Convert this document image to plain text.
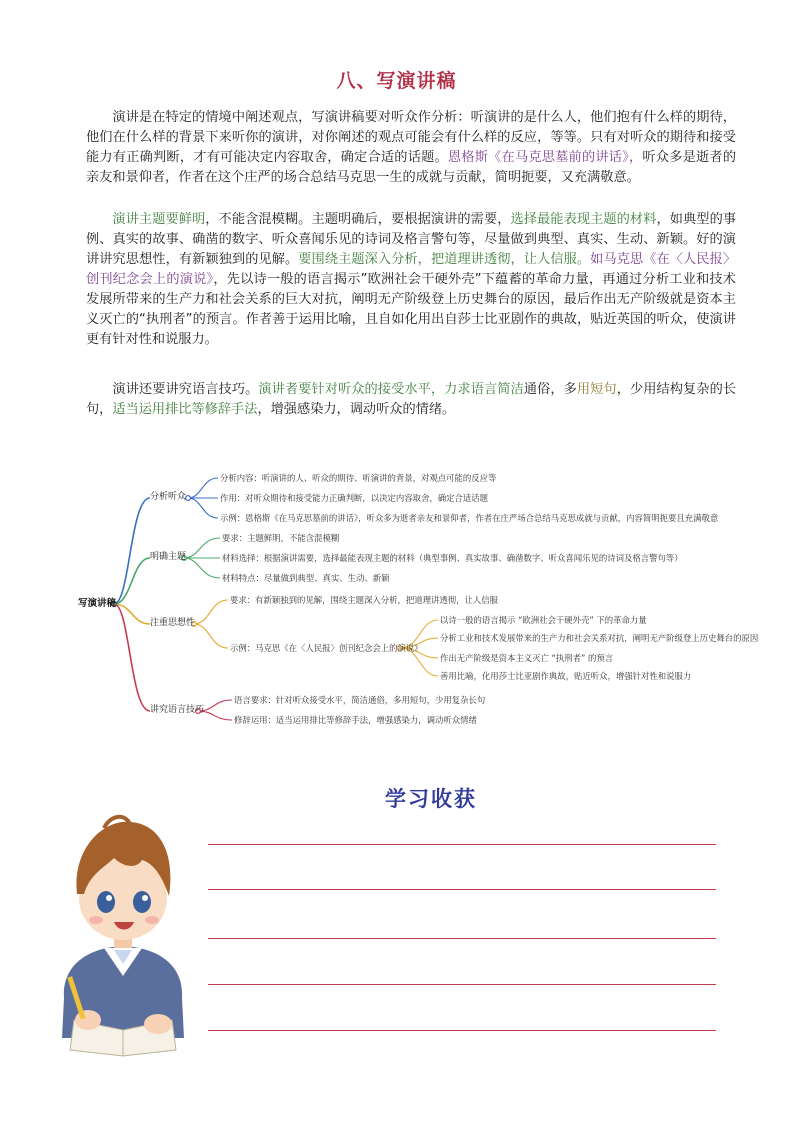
八、写演讲稿

演讲是在特定的情境中阐述观点，写演讲稿要对听众作分析：听演讲的是什么人，他们抱有什么样的期待，他们在什么样的背景下来听你的演讲，对你阐述的观点可能会有什么样的反应，等等。只有对听众的期待和接受能力有正确判断，才有可能决定内容取舍，确定合适的话题。恩格斯《在马克思墓前的讲话》，听众多是逝者的亲友和景仰者，作者在这个庄严的场合总结马克思一生的成就与贡献，简明扼要，又充满敬意。

演讲主题要鲜明，不能含混模糊。主题明确后，要根据演讲的需要，选择最能表现主题的材料，如典型的事例、真实的故事、确凿的数字、听众喜闻乐见的诗词及格言警句等，尽量做到典型、真实、生动、新颖。好的演讲讲究思想性，有新颖独到的见解。要围绕主题深入分析，把道理讲透彻，让人信服。如马克思《在〈人民报〉创刊纪念会上的演说》，先以诗一般的语言揭示”欧洲社会干硬外壳”下蕴蓄的革命力量，再通过分析工业和技术发展所带来的生产力和社会关系的巨大对抗，阐明无产阶级登上历史舞台的原因，最后作出无产阶级就是资本主义灭亡的“执刑者”的预言。作者善于运用比喻，且自如化用出自莎士比亚剧作的典故，贴近英国的听众，使演讲更有针对性和说服力。

演讲还要讲究语言技巧。演讲者要针对听众的接受水平，力求语言简洁通俗，多用短句，少用结构复杂的长句，适当运用排比等修辞手法，增强感染力，调动听众的情绪。

写演讲稿
分析听众
分析内容：听演讲的人、听众的期待、听演讲的背景，对观点可能的反应等
作用：对听众期待和接受能力正确判断，以决定内容取舍，确定合适话题
示例：恩格斯《在马克思墓前的讲话》，听众多为逝者亲友和景仰者，作者在庄严场合总结马克思成就与贡献，内容简明扼要且充满敬意
明确主题
要求：主题鲜明，不能含混模糊
材料选择：根据演讲需要，选择最能表现主题的材料（典型事例、真实故事、确凿数字、听众喜闻乐见的诗词及格言警句等）
材料特点：尽量做到典型、真实、生动、新颖
注重思想性
要求：有新颖独到的见解，围绕主题深入分析，把道理讲透彻，让人信服
示例：马克思《在〈人民报〉创刊纪念会上的演说》
以诗一般的语言揭示 “欧洲社会干硬外壳” 下的革命力量
分析工业和技术发展带来的生产力和社会关系对抗，阐明无产阶级登上历史舞台的原因
作出无产阶级是资本主义灭亡 “执刑者” 的预言
善用比喻，化用莎士比亚剧作典故，贴近听众，增强针对性和说服力
讲究语言技巧
语言要求：针对听众接受水平，简洁通俗，多用短句，少用复杂长句
修辞运用：适当运用排比等修辞手法，增强感染力，调动听众情绪
学习收获
